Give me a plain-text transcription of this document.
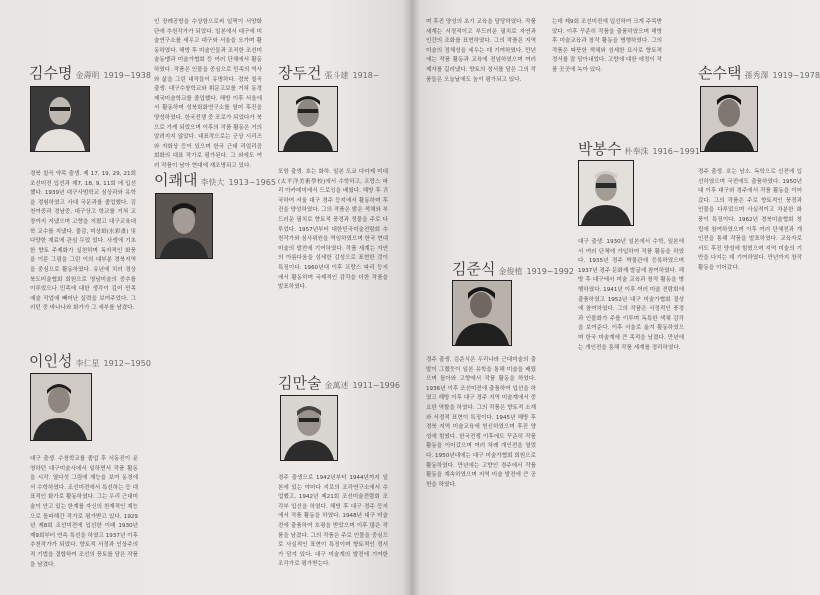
김수명 金壽明 1919~1938
경북 칠곡 약목 출생. 제 17, 19, 29, 21회 조선미전 입선과 제7, 18, 9, 11회 에 입선했다. 1939년 대구사범학교 심상과와 유학을 경험하였고 사대 국문과를 졸업했다. 김천여중과 경남중, 대구상고 학교를 거쳐 교장까지 지냈으며 고향을 지켰고 대구교육대학 교수를 지냈다. 물감, 미상화(水彩畫) 및 다양한 재료에 관심 두었 었다. 사생에 기초한 향토 주제화가 실천하며 독자적인 화풍을 이룬 그림을 그린 이의 대부분 경북지역을 중심으로 활동하였다. 유년에 치러 경상북도미술협회 회원으로 영남미술의 중추를 이루었으나 민족에 대한 생각이 깊어 민족예술 작업에 빼어난 실력을 보여주었다. 그러던 중 바나나와 화가가 그 세부를 남겼다.
이인성 李仁星 1912~1950
대구 출생. 수창학교를 졸업 후 서동진이 운영하던 대구미술사에서 일하면서 작품 활동을 시작. 열다섯 그림에 재능을 보여 동경에서 수학하였다. 조선미전에서 특선하는 등 대표적인 화가로 활동하였다. 그는 우리 근대미술이 안고 있는 한계를 자신의 천재적인 재능으로 돌파해간 작가로 평가받고 있다. 1929년 제8회 조선미전에 입선한 이래 1930년 제9회부터 연속 특선을 하였고 1937년 이후 추천작가가 되었다. 향토적 서정과 인상주의적 기법을 결합하여 조선의 풍토를 담은 작품을 남겼다.
이쾌대 李快大 1913~1965
인 장례공방을 수상함으로써 일찍이 서양화단에 추천작가가 되었다. 일본에서 대구에 미술연구소를 세우고 대구와 서울을 오가며 활동하였다. 해방 후 미술인들과 조직한 조선미술동맹과 미술가협회 등 여러 단체에서 활동하였다. 작품은 인물을 중심으로 민족의 역사와 삶을 그린 대작들이 유명하다. 경북 칠곡 출생. 대구수창학교와 휘문고보를 거쳐 동경제국미술학교를 졸업했다. 해방 이후 서울에서 활동하며 성북회화연구소를 열어 후진을 양성하였다. 한국전쟁 중 포로가 되었다가 북으로 가게 되었으며 이후의 작품 활동은 거의 알려지지 않았다. 대표작으로는 군상 시리즈와 자화상 등이 있으며 한국 근대 리얼리즘 회화의 대표 작가로 평가된다. 그 외에도 여러 작품이 남아 현대에 재조명되고 있다.
장두건 張斗建 1918~
포항 출생. 호는 화하. 일본 도쿄 다마제 미대(太平洋美術學校)에서 수학하고, 프랑스 파리 아카데미에서 드로잉을 배웠다. 해방 후 귀국하여 서울 대구 경주 등지에서 활동하며 후진을 양성하였다. 그의 작품은 밝은 색채와 부드러운 필치로 향토적 풍경과 정물을 주로 다루었다. 1957년부터 대한민국미술전람회 추천작가와 심사위원을 역임하였으며 한국 현대미술의 발전에 기여하였다. 작품 세계는 자연의 아름다움을 섬세한 감성으로 표현한 것이 특징이다. 1960년대 이후 프랑스 파리 등지에서 활동하며 국제적인 감각을 더한 작품을 발표하였다.
김만술 金萬述 1911~1996
경주 출생으로 1942년부터 1944년까지 일본에 있는 야마다 지로의 조각연구소에서 수업했고, 1942년 제21회 조선미술전람회 조각부 입선을 하였다. 해방 후 대구 경주 등지에서 작품 활동을 하였다. 1948년 대구 미술전에 출품하여 호평을 받았으며 이후 많은 작품을 남겼다. 그의 작품은 주로 인물을 중심으로 사실적인 표현이 특징이며 향토적인 정서가 담겨 있다. 대구 미술계의 발전에 기여한 조각가로 평가받는다.
며 후진 양성의 초기 교육을 담당하였다. 작품 세계는 서정적이고 부드러운 필치로 자연과 인간의 조화를 표현하였다. 그의 작품은 지역 미술의 정체성을 세우는 데 기여하였다. 만년에는 작품 활동과 교육에 전념하였으며 여러 제자를 길러냈다. 향토의 정서를 담은 그의 작품들은 오늘날에도 높이 평가되고 있다.
김준식 金俊植 1919~1992
경주 출생. 김준식은 우리나라 근대미술의 출발이 그랬듯이 일본 유학을 통해 미술을 배웠으며 돌아와 고향에서 작품 활동을 하였다. 1936년 이후 조선미전에 출품하여 입선을 하였고 해방 이후 대구 경주 지역 미술계에서 중요한 역할을 하였다. 그의 작품은 향토적 소재와 서정적 표현이 특징이다. 1945년 해방 후 경북 지역 미술교육에 헌신하였으며 후진 양성에 힘썼다. 한국전쟁 이후에도 꾸준히 작품 활동을 이어갔으며 여러 차례 개인전을 열었다. 1950년대에는 대구 미술가협회 회원으로 활동하였다. 만년에는 고향인 경주에서 작품 활동을 계속하였으며 지역 미술 발전에 큰 공헌을 하였다.
는데 제9회 조선미전에 입선하여 크게 주목받았다. 이후 꾸준히 작품을 출품하였으며 해방 후 미술교육과 창작 활동을 병행하였다. 그의 작품은 따뜻한 색채와 섬세한 묘사로 향토적 정서를 잘 담아내었다. 고향에 대한 애정이 작품 곳곳에 녹아 있다.
박봉수 朴奉洙 1916~1991
대구 출생. 1930년 일본에서 수학, 일본에서 여러 단체에 가입하여 작품 활동을 하였다. 1935년 경주 박물관에 등록하였으며 1937년 경주 문화재 발굴에 참여하였다. 해방 후 대구에서 미술 교육과 창작 활동을 병행하였다. 1941년 이후 여러 미술 전람회에 출품하였고 1952년 대구 미술가협회 결성에 참여하였다. 그의 작품은 서정적인 풍경과 인물화가 주를 이루며 독특한 색채 감각을 보여준다. 이후 서울로 옮겨 활동하였으며 한국 미술계에 큰 족적을 남겼다. 만년에는 개인전을 통해 작품 세계를 정리하였다.
손수택 孫秀澤 1919~1978
경주 출생. 호는 남소. 독학으로 선전에 입선하였으며 국전에도 출품하였다. 1950년대 이후 대구와 경주에서 작품 활동을 이어갔다. 그의 작품은 주로 향토적인 풍경과 인물을 다루었으며 사실적이고 차분한 화풍이 특징이다. 1962년 경북미술협회 창립에 참여하였으며 이후 여러 단체전과 개인전을 통해 작품을 발표하였다. 교육자로서도 후진 양성에 힘썼으며 지역 미술의 기반을 다지는 데 기여하였다. 만년까지 창작 활동을 이어갔다.
